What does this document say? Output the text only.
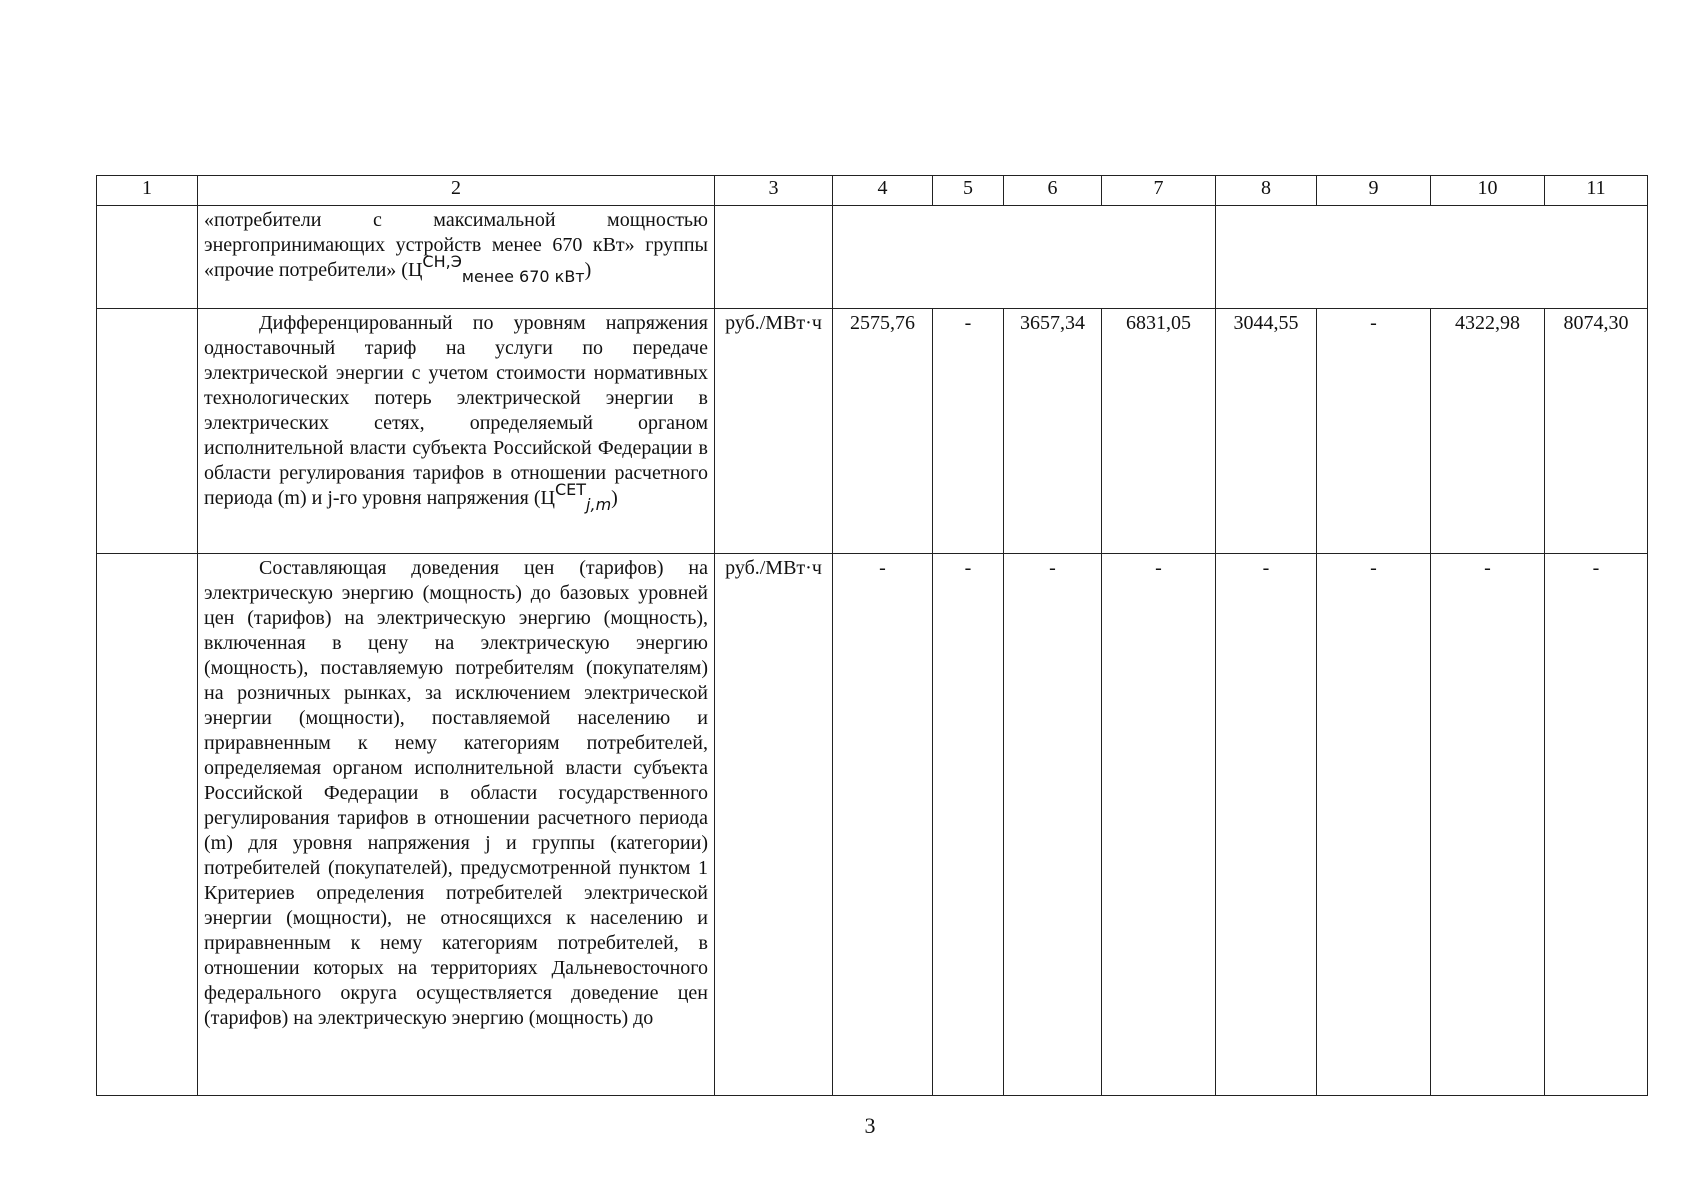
1	2	3	4	5	6	7	8	9	10	11
	«потребители с максимальной мощностью энергопринимающих устройств менее 670 кВт» группы «прочие потребители» $(Ц^{СН,Э}_{менее 670 кВт})$									
	Дифференцированный по уровням напряжения одноставочный тариф на услуги по передаче электрической энергии с учетом стоимости нормативных технологических потерь электрической энергии в электрических сетях, определяемый органом исполнительной власти субъекта Российской Федерации в области регулирования тарифов в отношении расчетного периода (m) и j-го уровня напряжения $(Ц^{СЕТ}_{j,m})$	руб./МВт·ч	2575,76	-	3657,34	6831,05	3044,55	-	4322,98	8074,30
	Составляющая доведения цен (тарифов) на электрическую энергию (мощность) до базовых уровней цен (тарифов) на электрическую энергию (мощность), включенная в цену на электрическую энергию (мощность), поставляемую потребителям (покупателям) на розничных рынках, за исключением электрической энергии (мощности), поставляемой населению и приравненным к нему категориям потребителей, определяемая органом исполнительной власти субъекта Российской Федерации в области государственного регулирования тарифов в отношении расчетного периода (m) для уровня напряжения j и группы (категории) потребителей (покупателей), предусмотренной пунктом 1 Критериев определения потребителей электрической энергии (мощности), не относящихся к населению и приравненным к нему категориям потребителей, в отношении которых на территориях Дальневосточного федерального округа осуществляется доведение цен (тарифов) на электрическую энергию (мощность) до	руб./МВт·ч	-	-	-	-	-	-	-	-
3
